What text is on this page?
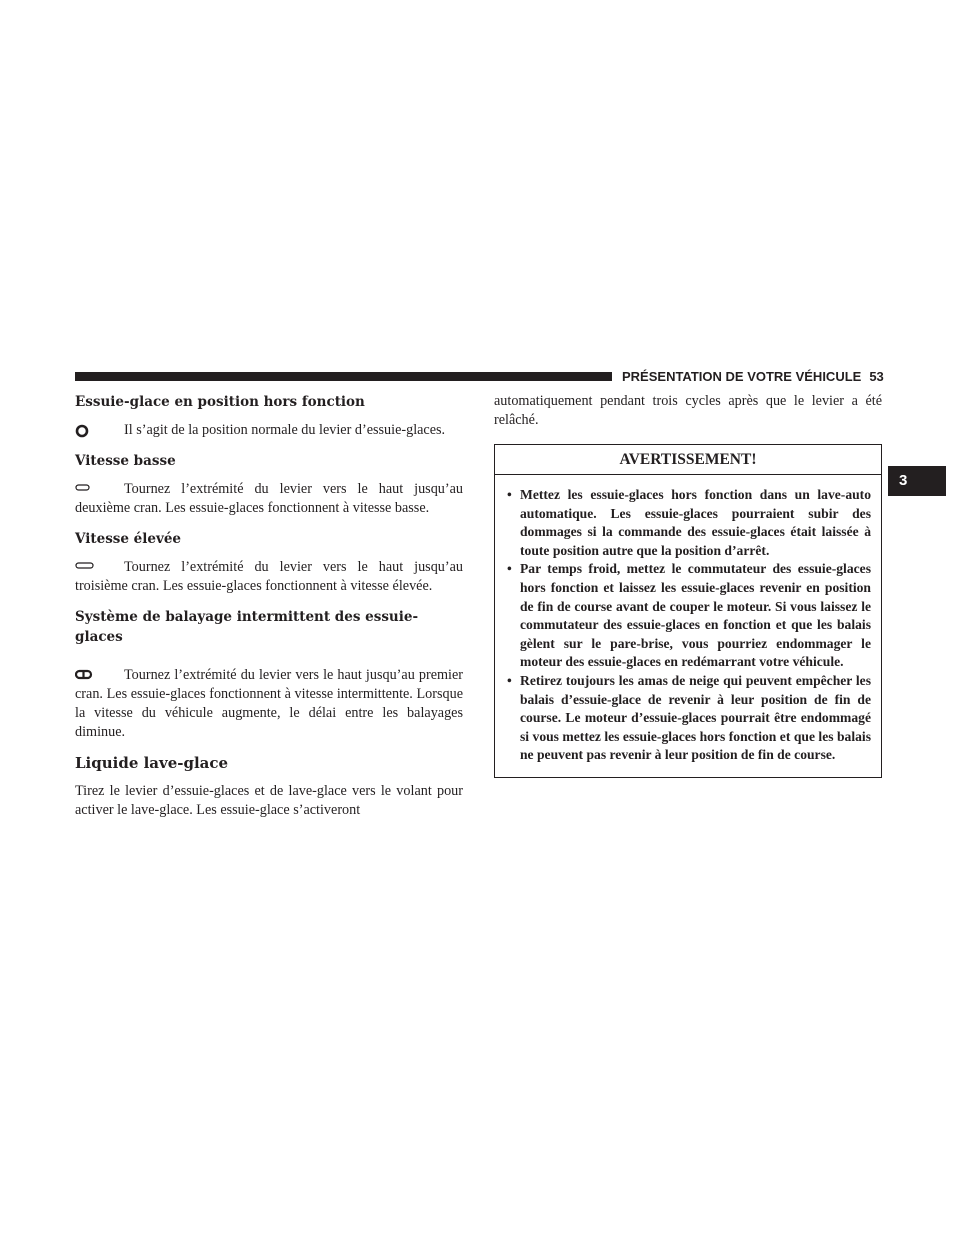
PRÉSENTATION DE VOTRE VÉHICULE 53
3
Essuie-glace en position hors fonction

Il s’agit de la position normale du levier d’essuie-glaces.

Vitesse basse

Tournez l’extrémité du levier vers le haut jusqu’au deuxième cran. Les essuie-glaces fonctionnent à vitesse basse.

Vitesse élevée

Tournez l’extrémité du levier vers le haut jusqu’au troisième cran. Les essuie-glaces fonctionnent à vitesse élevée.

Système de balayage intermittent des essuie-glaces

Tournez l’extrémité du levier vers le haut jusqu’au premier cran. Les essuie-glaces fonctionnent à vitesse intermittente. Lorsque la vitesse du véhicule augmente, le délai entre les balayages diminue.

Liquide lave-glace

Tirez le levier d’essuie-glaces et de lave-glace vers le volant pour activer le lave-glace. Les essuie-glace s’activeront

automatiquement pendant trois cycles après que le levier a été relâché.

AVERTISSEMENT!
• Mettez les essuie-glaces hors fonction dans un lave-auto automatique. Les essuie-glaces pourraient subir des dommages si la commande des essuie-glaces était laissée à toute position autre que la position d’arrêt.
• Par temps froid, mettez le commutateur des essuie-glaces hors fonction et laissez les essuie-glaces revenir en position de fin de course avant de couper le moteur. Si vous laissez le commutateur des essuie-glaces en fonction et que les balais gèlent sur le pare-brise, vous pourriez endommager le moteur des essuie-glaces en redémarrant votre véhicule.
• Retirez toujours les amas de neige qui peuvent empêcher les balais d’essuie-glace de revenir à leur position de fin de course. Le moteur d’essuie-glaces pourrait être endommagé si vous mettez les essuie-glaces hors fonction et que les balais ne peuvent pas revenir à leur position de fin de course.
